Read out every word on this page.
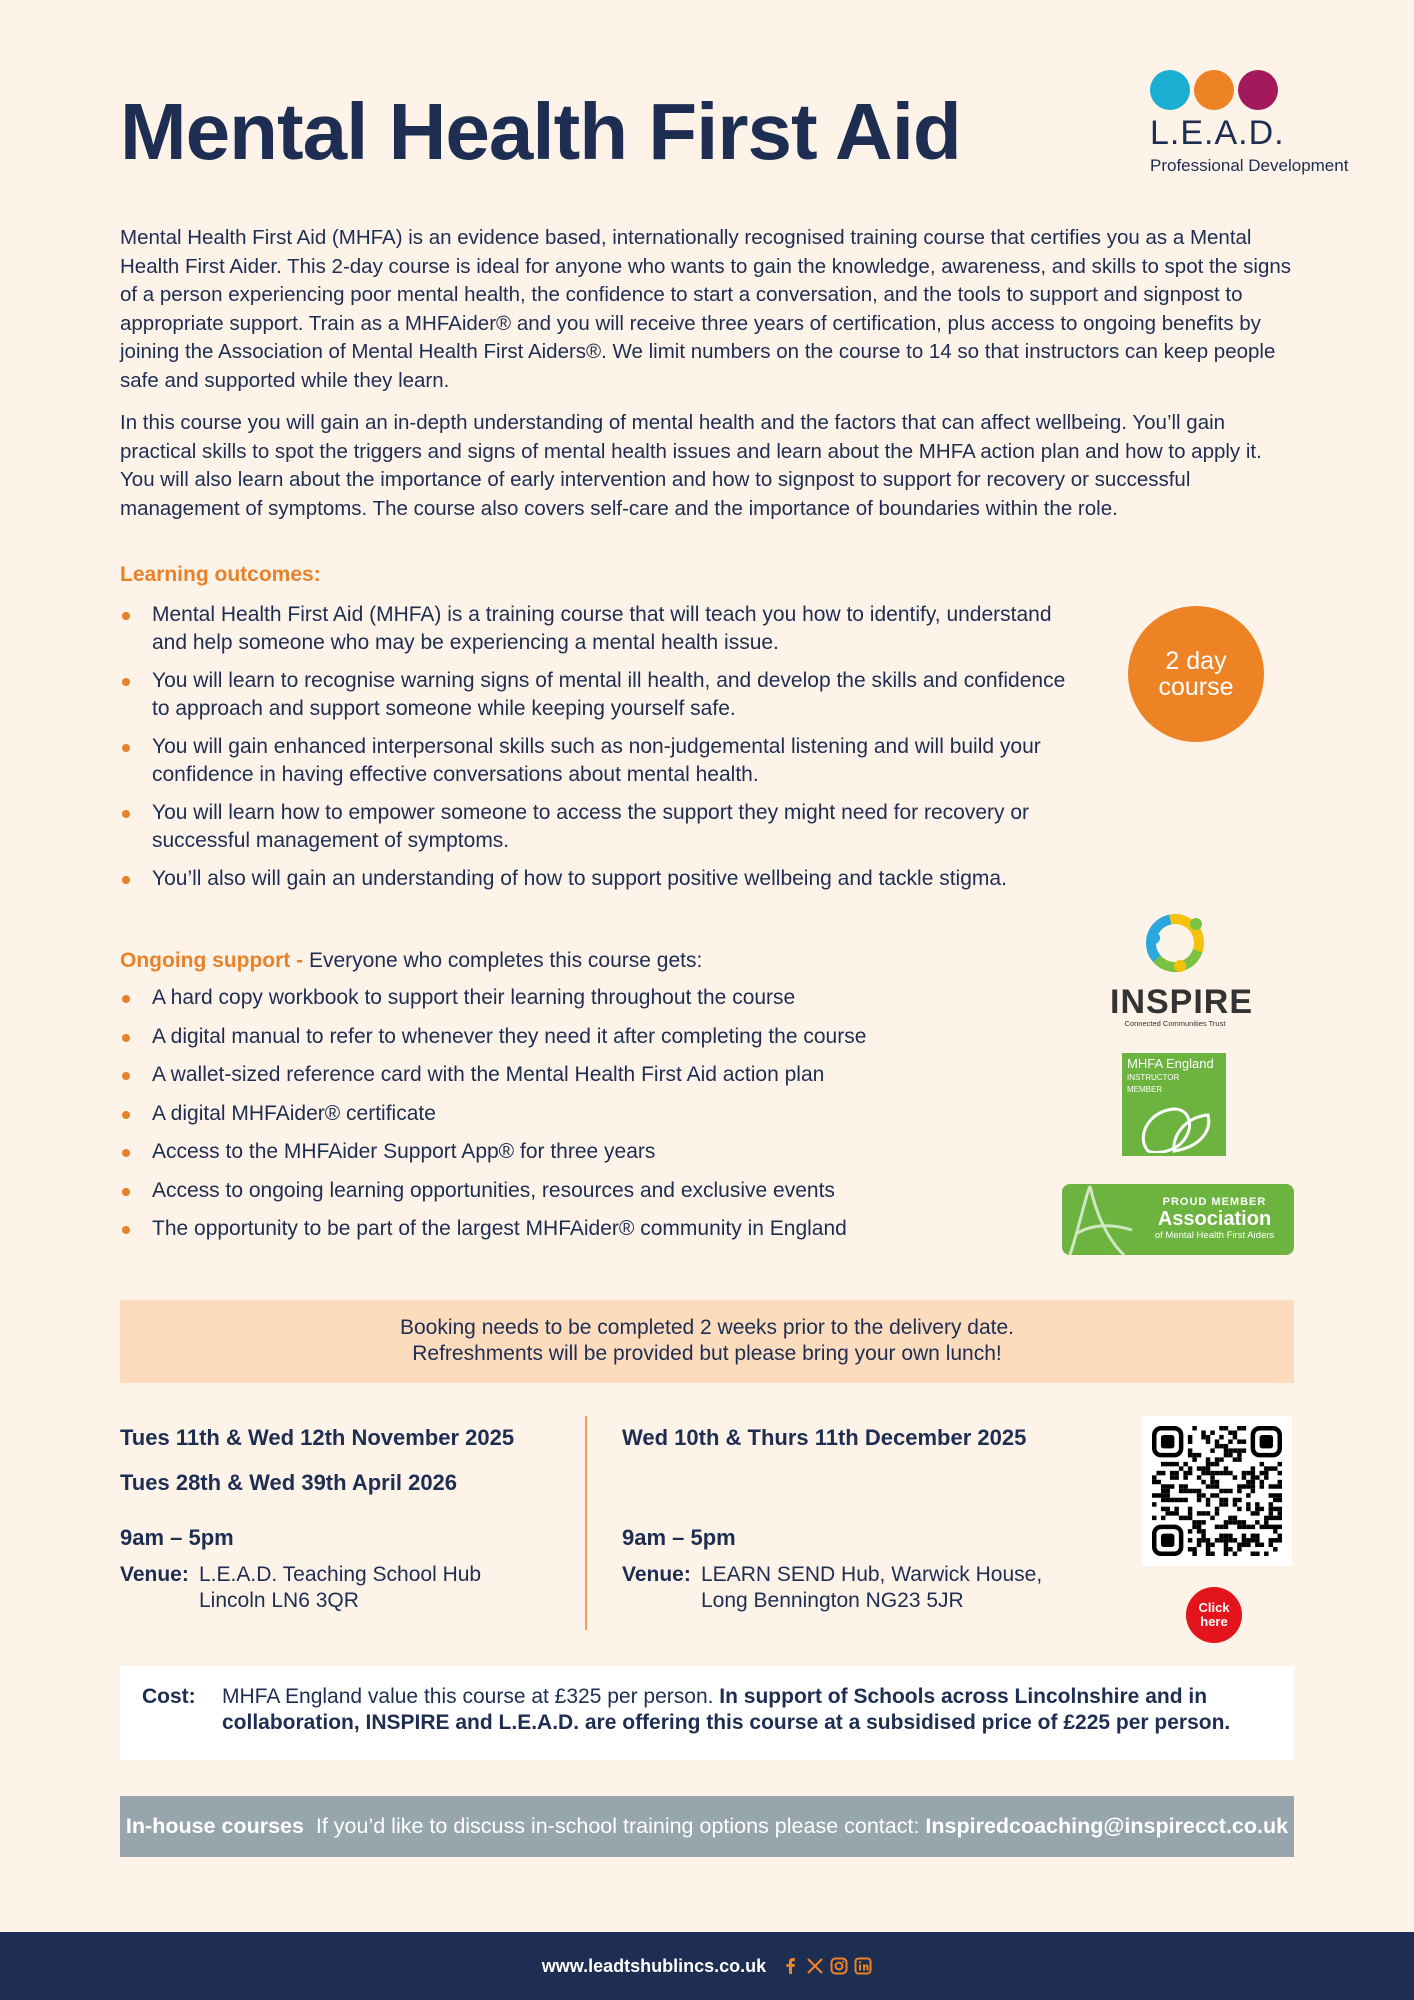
Mental Health First Aid	L.E.A.D.
Professional Development

Mental Health First Aid (MHFA) is an evidence based, internationally recognised training course that certifies you as a Mental Health First Aider. This 2-day course is ideal for anyone who wants to gain the knowledge, awareness, and skills to spot the signs of a person experiencing poor mental health, the confidence to start a conversation, and the tools to support and signpost to appropriate support. Train as a MHFAider® and you will receive three years of certification, plus access to ongoing benefits by joining the Association of Mental Health First Aiders®. We limit numbers on the course to 14 so that instructors can keep people safe and supported while they learn.

In this course you will gain an in-depth understanding of mental health and the factors that can affect wellbeing. You’ll gain practical skills to spot the triggers and signs of mental health issues and learn about the MHFA action plan and how to apply it. You will also learn about the importance of early intervention and how to signpost to support for recovery or successful management of symptoms. The course also covers self-care and the importance of boundaries within the role.

Learning outcomes:
Mental Health First Aid (MHFA) is a training course that will teach you how to identify, understand and help someone who may be experiencing a mental health issue.
You will learn to recognise warning signs of mental ill health, and develop the skills and confidence to approach and support someone while keeping yourself safe.
You will gain enhanced interpersonal skills such as non-judgemental listening and will build your confidence in having effective conversations about mental health.
You will learn how to empower someone to access the support they might need for recovery or successful management of symptoms.
You’ll also will gain an understanding of how to support positive wellbeing and tackle stigma.
2 day
course
Ongoing support - Everyone who completes this course gets:
A hard copy workbook to support their learning throughout the course
A digital manual to refer to whenever they need it after completing the course
A wallet-sized reference card with the Mental Health First Aid action plan
A digital MHFAider® certificate
Access to the MHFAider Support App® for three years
Access to ongoing learning opportunities, resources and exclusive events
The opportunity to be part of the largest MHFAider® community in England
INSPIRE
Connected Communities Trust
MHFA England
INSTRUCTOR
MEMBER
PROUD MEMBER
Association
of Mental Health First Aiders
Booking needs to be completed 2 weeks prior to the delivery date.
Refreshments will be provided but please bring your own lunch!
Tues 11th & Wed 12th November 2025
Tues 28th & Wed 39th April 2026
9am – 5pm
Venue: L.E.A.D. Teaching School Hub
Lincoln LN6 3QR
Wed 10th & Thurs 11th December 2025
9am – 5pm
Venue: LEARN SEND Hub, Warwick House,
Long Bennington NG23 5JR	Click
here
Cost:	MHFA England value this course at £325 per person. In support of Schools across Lincolnshire and in collaboration, INSPIRE and L.E.A.D. are offering this course at a subsidised price of £225 per person.
In-house courses If you’d like to discuss in-school training options please contact: Inspiredcoaching@inspirecct.co.uk
www.leadtshublincs.co.uk
